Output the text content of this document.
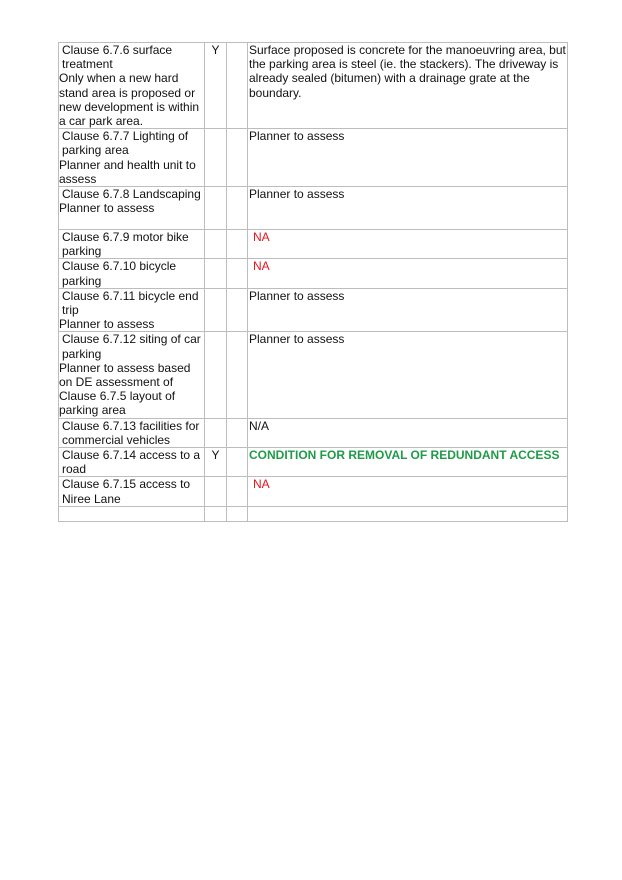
Clause 6.7.6 surface treatment
Only when a new hard stand area is proposed or new development is within a car park area.	Y		Surface proposed is concrete for the manoeuvring area, but the parking area is steel (ie. the stackers). The driveway is already sealed (bitumen) with a drainage grate at the boundary.

Clause 6.7.7 Lighting of parking area
Planner and health unit to assess			Planner to assess

Clause 6.7.8 Landscaping
Planner to assess			Planner to assess

Clause 6.7.9 motor bike parking			NA

Clause 6.7.10 bicycle parking			NA

Clause 6.7.11 bicycle end trip
Planner to assess			Planner to assess

Clause 6.7.12 siting of car parking
Planner to assess based on DE assessment of Clause 6.7.5 layout of parking area			Planner to assess

Clause 6.7.13 facilities for commercial vehicles			N/A

Clause 6.7.14 access to a road	Y		CONDITION FOR REMOVAL OF REDUNDANT ACCESS

Clause 6.7.15 access to Niree Lane			NA
